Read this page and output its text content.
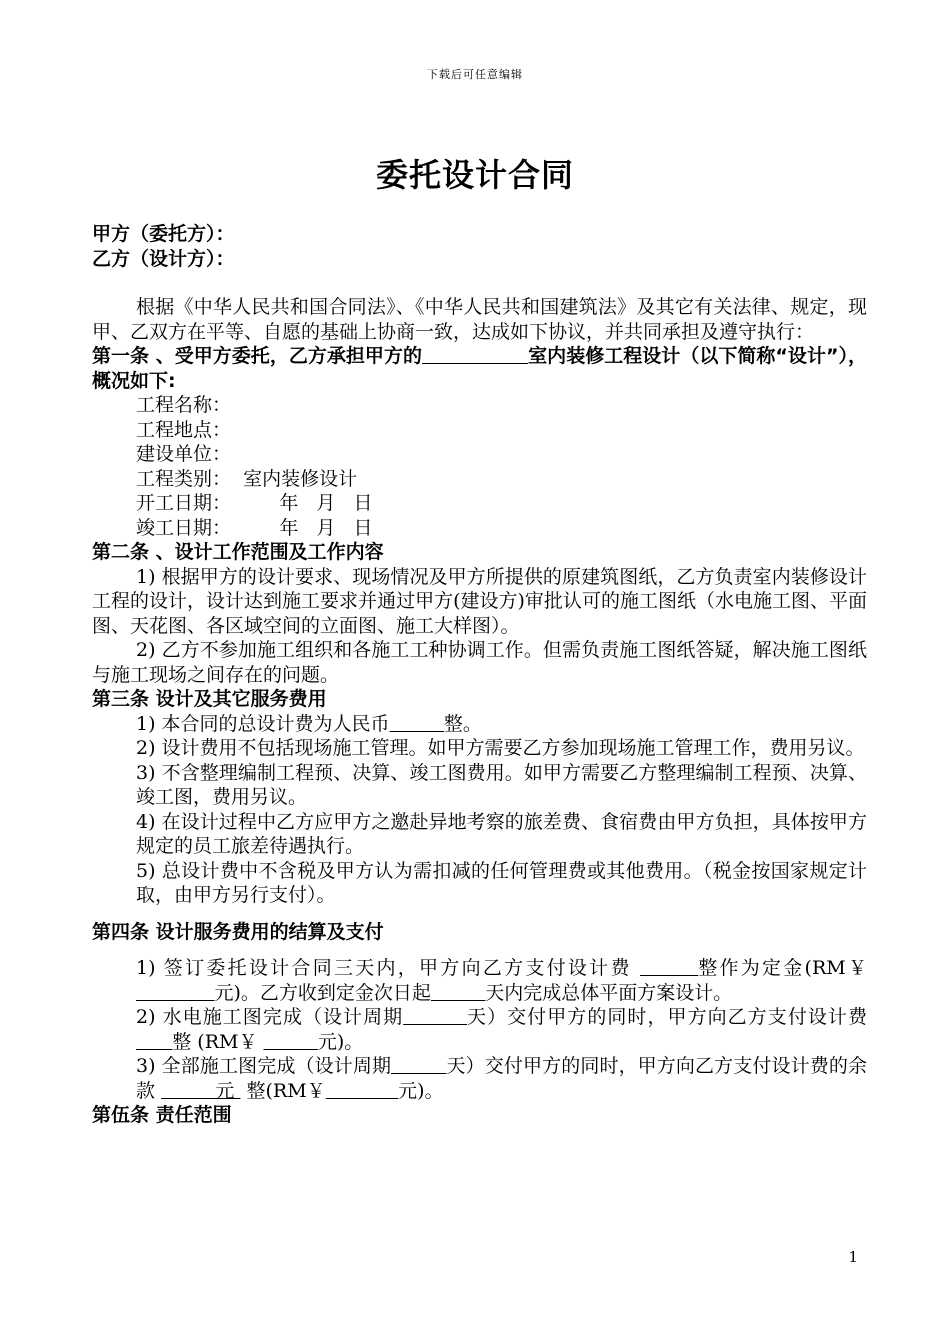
下载后可任意编辑
委托设计合同

甲方（委托方）：

乙方（设计方）：

根据《中华人民共和国合同法》、《中华人民共和国建筑法》及其它有关法律、规定，现甲、乙双方在平等、自愿的基础上协商一致，达成如下协议，并共同承担及遵守执行：

第一条 、受甲方委托，乙方承担甲方的	室内装修工程设计（以下简称“设计”），概况如下:

工程名称：

工程地点：

建设单位：

工程类别：  室内装修设计

开工日期：        年   月   日

竣工日期：        年   月   日

第二条 、设计工作范围及工作内容

1) 根据甲方的设计要求、现场情况及甲方所提供的原建筑图纸，乙方负责室内装修设计工程的设计，设计达到施工要求并通过甲方(建设方)审批认可的施工图纸（水电施工图、平面图、天花图、各区域空间的立面图、施工大样图）。

2) 乙方不参加施工组织和各施工工种协调工作。但需负责施工图纸答疑，解决施工图纸与施工现场之间存在的问题。

第三条 设计及其它服务费用

1) 本合同的总设计费为人民币	整。

2) 设计费用不包括现场施工管理。如甲方需要乙方参加现场施工管理工作，费用另议。

3) 不含整理编制工程预、决算、竣工图费用。如甲方需要乙方整理编制工程预、决算、竣工图，费用另议。

4) 在设计过程中乙方应甲方之邀赴异地考察的旅差费、食宿费由甲方负担，具体按甲方规定的员工旅差待遇执行。

5) 总设计费中不含税及甲方认为需扣减的任何管理费或其他费用。（税金按国家规定计取，由甲方另行支付）。

第四条 设计服务费用的结算及支付

1) 签订委托设计合同三天内，甲方向乙方支付设计费	整作为定金(RM￥             元)。乙方收到定金次日起	天内完成总体平面方案设计。

2) 水电施工图完成（设计周期	天）交付甲方的同时，甲方向乙方支付设计费       整 (RM￥	元)。

3) 全部施工图完成（设计周期	天）交付甲方的同时，甲方向乙方支付设计费的余款          元  整(RM￥	元)。

第伍条 责任范围

1
